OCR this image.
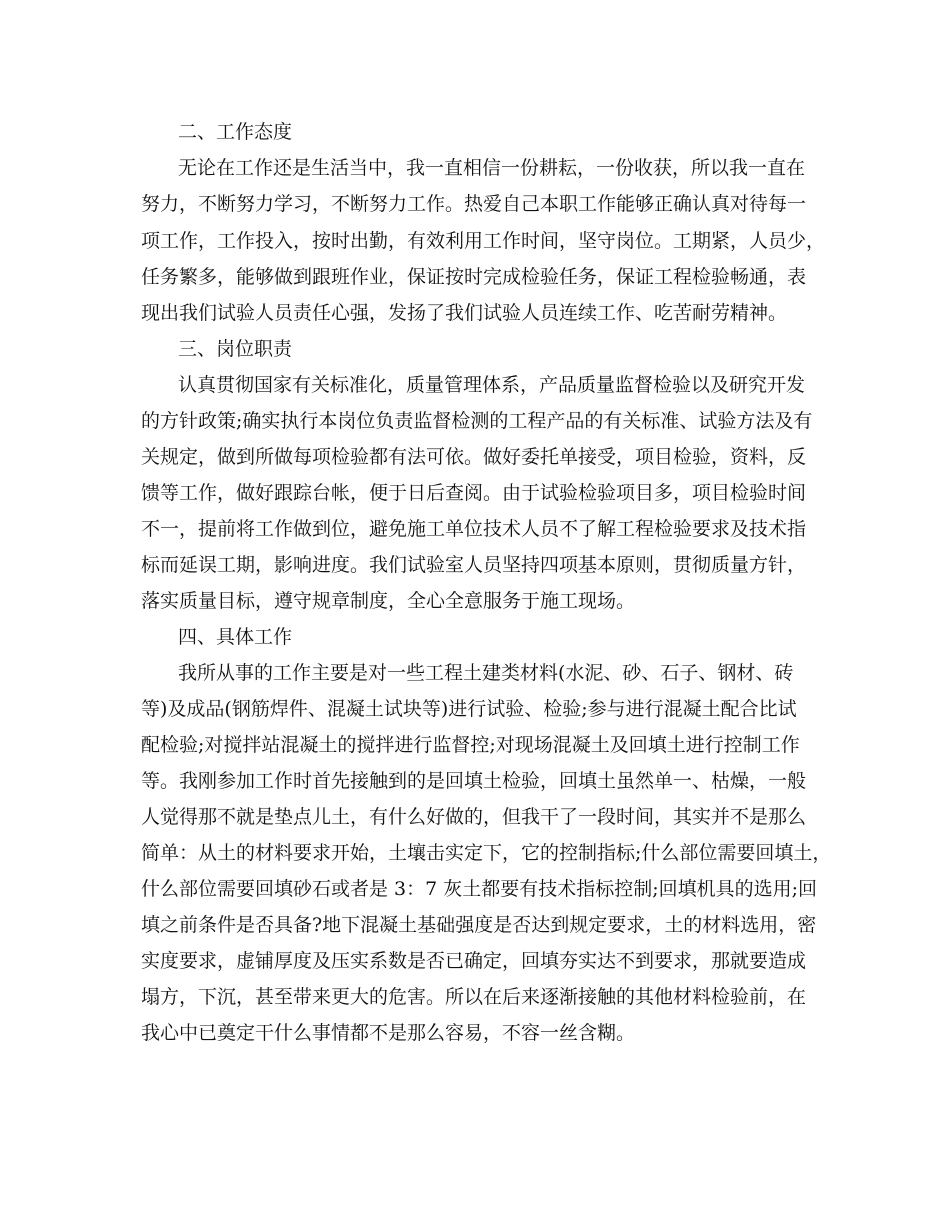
二、工作态度
无论在工作还是生活当中，我一直相信一份耕耘，一份收获，所以我一直在
努力，不断努力学习，不断努力工作。热爱自己本职工作能够正确认真对待每一
项工作，工作投入，按时出勤，有效利用工作时间，坚守岗位。工期紧，人员少，
任务繁多，能够做到跟班作业，保证按时完成检验任务，保证工程检验畅通，表
现出我们试验人员责任心强，发扬了我们试验人员连续工作、吃苦耐劳精神。
三、岗位职责
认真贯彻国家有关标准化，质量管理体系，产品质量监督检验以及研究开发
的方针政策;确实执行本岗位负责监督检测的工程产品的有关标准、试验方法及有
关规定，做到所做每项检验都有法可依。做好委托单接受，项目检验，资料，反
馈等工作，做好跟踪台帐，便于日后查阅。由于试验检验项目多，项目检验时间
不一，提前将工作做到位，避免施工单位技术人员不了解工程检验要求及技术指
标而延误工期，影响进度。我们试验室人员坚持四项基本原则，贯彻质量方针，
落实质量目标，遵守规章制度，全心全意服务于施工现场。
四、具体工作
我所从事的工作主要是对一些工程土建类材料(水泥、砂、石子、钢材、砖
等)及成品(钢筋焊件、混凝土试块等)进行试验、检验;参与进行混凝土配合比试
配检验;对搅拌站混凝土的搅拌进行监督控;对现场混凝土及回填土进行控制工作
等。我刚参加工作时首先接触到的是回填土检验，回填土虽然单一、枯燥，一般
人觉得那不就是垫点儿土，有什么好做的，但我干了一段时间，其实并不是那么
简单：从土的材料要求开始，土壤击实定下，它的控制指标;什么部位需要回填土，
什么部位需要回填砂石或者是 3：7 灰土都要有技术指标控制;回填机具的选用;回
填之前条件是否具备?地下混凝土基础强度是否达到规定要求，土的材料选用，密
实度要求，虚铺厚度及压实系数是否已确定，回填夯实达不到要求，那就要造成
塌方，下沉，甚至带来更大的危害。所以在后来逐渐接触的其他材料检验前，在
我心中已奠定干什么事情都不是那么容易，不容一丝含糊。
